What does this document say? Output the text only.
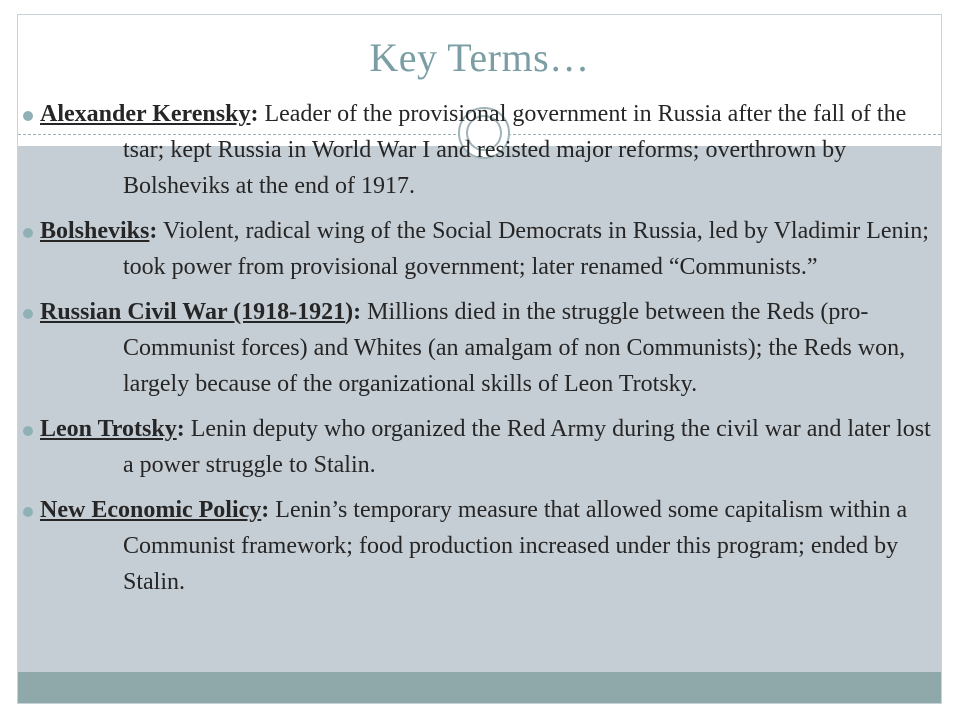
Key Terms…
Alexander Kerensky: Leader of the provisional government in Russia after the fall of the tsar; kept Russia in World War I and resisted major reforms; overthrown by Bolsheviks at the end of 1917.
Bolsheviks: Violent, radical wing of the Social Democrats in Russia, led by Vladimir Lenin; took power from provisional government; later renamed “Communists.”
Russian Civil War (1918-1921): Millions died in the struggle between the Reds (pro- Communist forces) and Whites (an amalgam of non Communists); the Reds won, largely because of the organizational skills of Leon Trotsky.
Leon Trotsky: Lenin deputy who organized the Red Army during the civil war and later lost a power struggle to Stalin.
New Economic Policy: Lenin’s temporary measure that allowed some capitalism within a Communist framework; food production increased under this program; ended by Stalin.
